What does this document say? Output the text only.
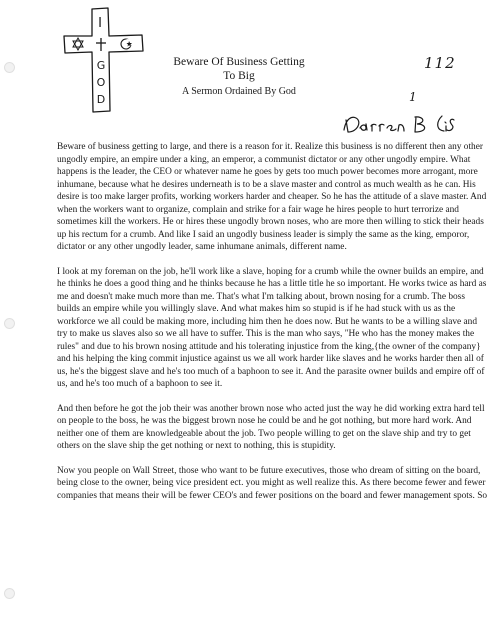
I
G
O
D
Beware Of Business Getting
To Big
A Sermon Ordained By God
112
1

Beware of business getting to large, and there is a reason for it. Realize this business is no different then any other ungodly empire, an empire under a king, an emperor, a communist dictator or any other ungodly empire. What happens is the leader, the CEO or whatever name he goes by gets too much power becomes more arrogant, more inhumane, because what he desires underneath is to be a slave master and control as much wealth as he can. His desire is too make larger profits, working workers harder and cheaper. So he has the attitude of a slave master. And when the workers want to organize, complain and strike for a fair wage he hires people to hurt terrorize and sometimes kill the workers. He or hires these ungodly brown noses, who are more then willing to stick their heads up his rectum for a crumb. And like I said an ungodly business leader is simply the same as the king, emporor, dictator or any other ungodly leader, same inhumane animals, different name.

I look at my foreman on the job, he'll work like a slave, hoping for a crumb while the owner builds an empire, and he thinks he does a good thing and he thinks because he has a little title he so important. He works twice as hard as me and doesn't make much more than me. That's what I'm talking about, brown nosing for a crumb. The boss builds an empire while you willingly slave. And what makes him so stupid is if he had stuck with us as the workforce we all could be making more, including him then he does now. But he wants to be a willing slave and try to make us slaves also so we all have to suffer. This is the man who says, "He who has the money makes the rules" and due to his brown nosing attitude and his tolerating injustice from the king,{the owner of the company} and his helping the king commit injustice against us we all work harder like slaves and he works harder then all of us, he's the biggest slave and he's too much of a baphoon to see it. And the parasite owner builds and empire off of us, and he's too much of a baphoon to see it.

And then before he got the job their was another brown nose who acted just the way he did working extra hard tell on people to the boss, he was the biggest brown nose he could be and he got nothing, but more hard work. And neither one of them are knowledgeable about the job. Two people willing to get on the slave ship and try to get others on the slave ship the get nothing or next to nothing, this is stupidity.

Now you people on Wall Street, those who want to be future executives, those who dream of sitting on the board, being close to the owner, being vice president ect. you might as well realize this. As there become fewer and fewer companies that means their will be fewer CEO's and fewer positions on the board and fewer management spots. So
